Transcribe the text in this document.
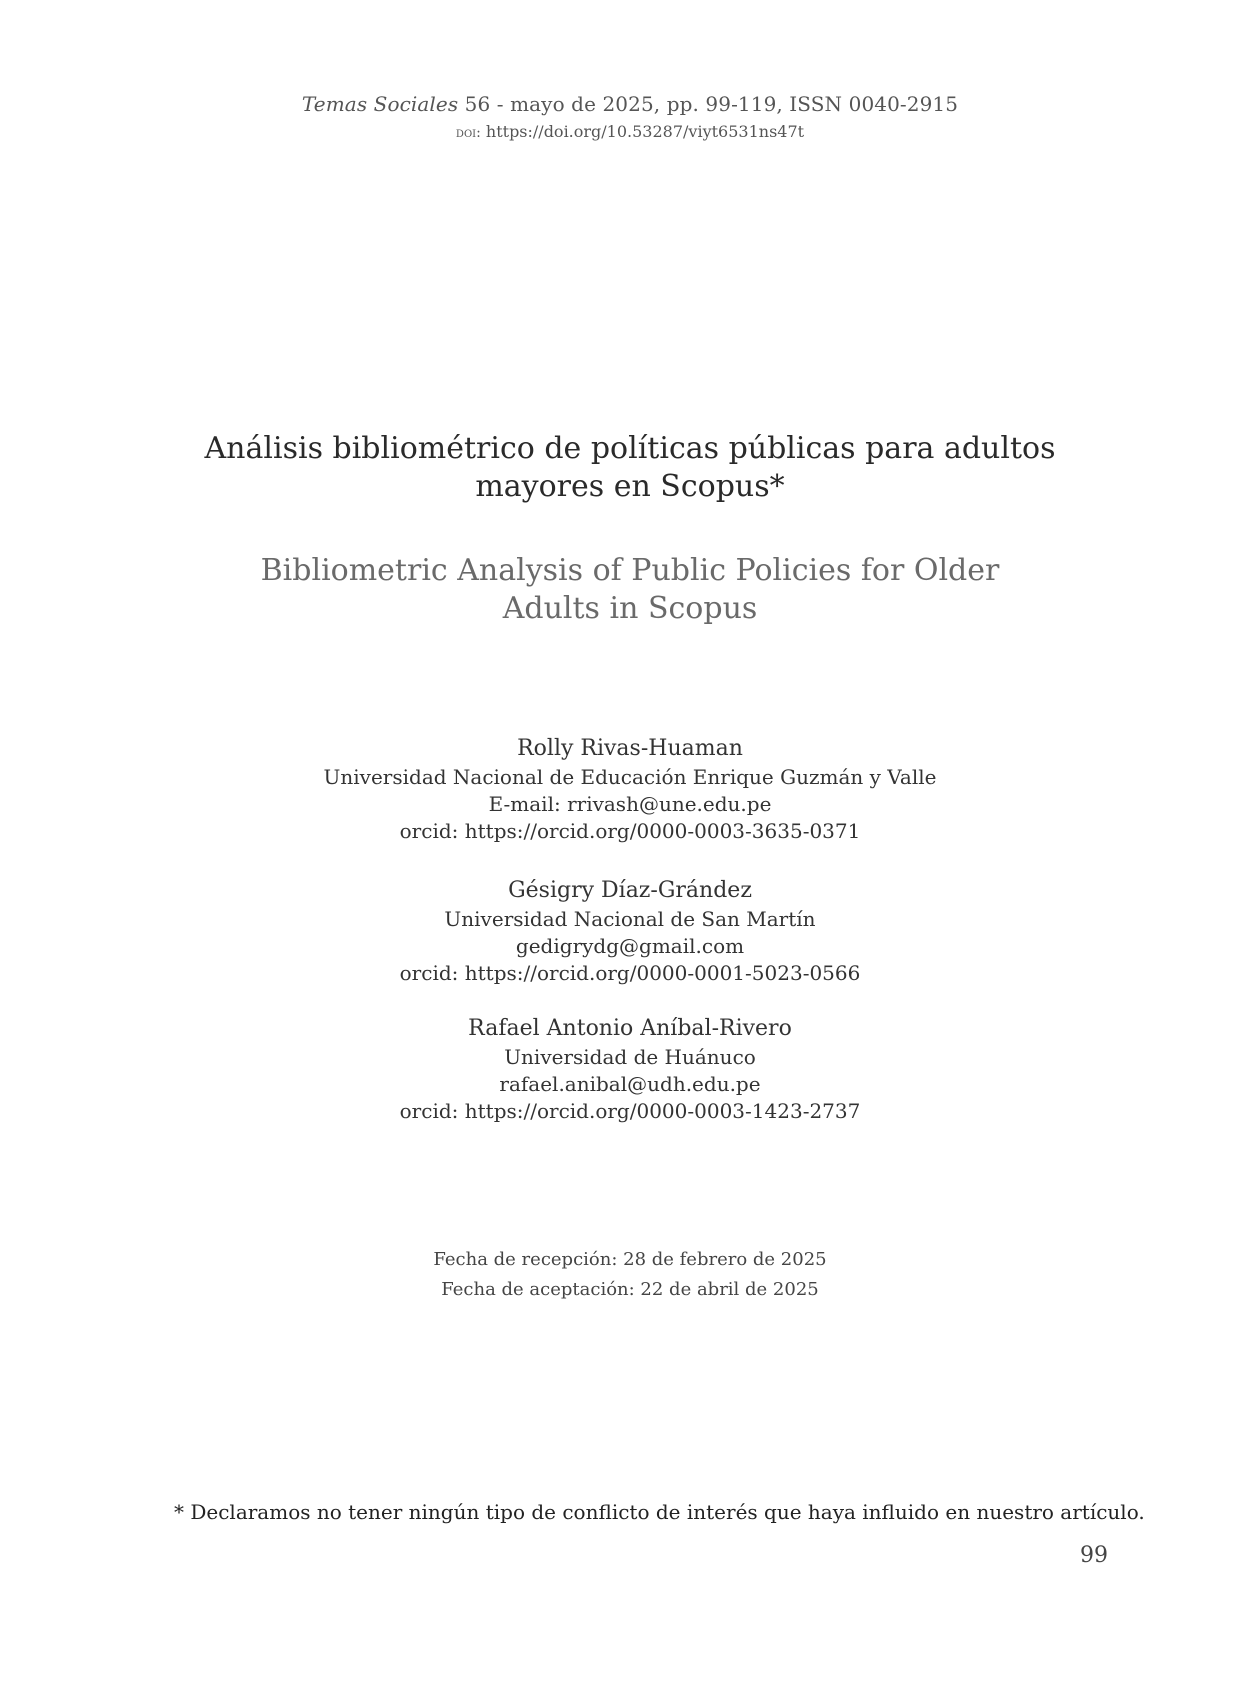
Temas Sociales 56 - mayo de 2025, pp. 99-119, ISSN 0040-2915
doi: https://doi.org/10.53287/viyt6531ns47t
Análisis bibliométrico de políticas públicas para adultos
mayores en Scopus*
Bibliometric Analysis of Public Policies for Older
Adults in Scopus
Rolly Rivas-Huaman
Universidad Nacional de Educación Enrique Guzmán y Valle
E-mail: rrivash@une.edu.pe
orcid: https://orcid.org/0000-0003-3635-0371
Gésigry Díaz-Grández
Universidad Nacional de San Martín
gedigrydg@gmail.com
orcid: https://orcid.org/0000-0001-5023-0566
Rafael Antonio Aníbal-Rivero
Universidad de Huánuco
rafael.anibal@udh.edu.pe
orcid: https://orcid.org/0000-0003-1423-2737
Fecha de recepción: 28 de febrero de 2025
Fecha de aceptación: 22 de abril de 2025
* Declaramos no tener ningún tipo de conflicto de interés que haya influido en nuestro artículo.
99
